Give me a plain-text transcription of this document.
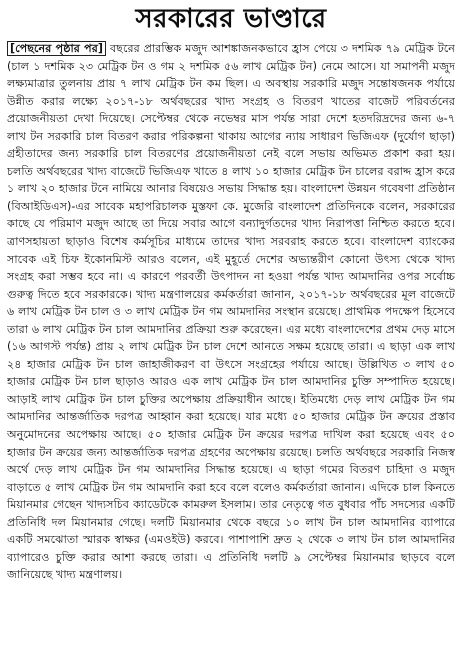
সরকারের ভাণ্ডারে
[পেছনের পৃষ্ঠার পর] বছরের প্রারম্ভিক মজুদ আশঙ্কাজনকভাবে হ্রাস পেয়ে ৩ দশমিক ৭৯ মেট্রিক টনে (চাল ১ দশমিক ২৩ মেট্রিক টন ও গম ২ দশমিক ৫৬ লাখ মেট্রিক টন) নেমে আসে। যা সমাপনী মজুদ লক্ষ্যমাত্রার তুলনায় প্রায় ৭ লাখ মেট্রিক টন কম ছিল। এ অবস্থায় সরকারি মজুদ সন্তোষজনক পর্যায়ে উন্নীত করার লক্ষ্যে ২০১৭-১৮ অর্থবছরের খাদ্য সংগ্রহ ও বিতরণ খাতের বাজেট পরিবর্তনের প্রয়োজনীয়তা দেখা দিয়েছে। সেপ্টেম্বর থেকে নভেম্বর মাস পর্যন্ত সারা দেশে হতদরিদ্রদের জন্য ৬-৭ লাখ টন সরকারি চাল বিতরণ করার পরিকল্পনা থাকায় আগের ন্যায় সাধারণ ভিজিএফ (দুর্যোগ ছাড়া) গ্রহীতাদের জন্য সরকারি চাল বিতরণের প্রয়োজনীয়তা নেই বলে সভায় অভিমত প্রকাশ করা হয়। চলতি অর্থবছরের খাদ্য বাজেটে ভিজিএফ খাতে ৪ লাখ ১০ হাজার মেট্রিক টন চালের বরাদ্দ হ্রাস করে ১ লাখ ২০ হাজার টনে নামিয়ে আনার বিষয়েও সভায় সিদ্ধান্ত হয়। বাংলাদেশ উন্নয়ন গবেষণা প্রতিষ্ঠান (বিআইডিএস)-এর সাবেক মহাপরিচালক মুস্তফা কে. মুজেরি বাংলাদেশ প্রতিদিনকে বলেন, সরকারের কাছে যে পরিমাণ মজুদ আছে তা দিয়ে সবার আগে বন্যাদুর্গতদের খাদ্য নিরাপত্তা নিশ্চিত করতে হবে। ত্রাণসহায়তা ছাড়াও বিশেষ কর্মসূচির মাধ্যমে তাদের খাদ্য সরবরাহ করতে হবে। বাংলাদেশ ব্যাংকের সাবেক এই চিফ ইকোনমিস্ট আরও বলেন, এই মুহূর্তে দেশের অভ্যন্তরীণ কোনো উৎস্য থেকে খাদ্য সংগ্রহ করা সম্ভব হবে না। এ কারণে পরবর্তী উৎপাদন না হওয়া পর্যন্ত খাদ্য আমদানির ওপর সর্বোচ্চ গুরুত্ব দিতে হবে সরকারকে। খাদ্য মন্ত্রণালয়ের কর্মকর্তারা জানান, ২০১৭-১৮ অর্থবছরের মূল বাজেটে ৬ লাখ মেট্রিক টন চাল ও ৩ লাখ মেট্রিক টন গম আমদানির সংস্থান রয়েছে। প্রাথমিক পদক্ষেপ হিসেবে তারা ৬ লাখ মেট্রিক টন চাল আমদানির প্রক্রিয়া শুরু করেছেন। এর মধ্যে বাংলাদেশের প্রথম দেড় মাসে (১৬ আগস্ট পর্যন্ত) প্রায় ২ লাখ মেট্রিক টন চাল দেশে আনতে সক্ষম হয়েছে তারা। এ ছাড়া এক লাখ ২৪ হাজার মেট্রিক টন চাল জাহাজীকরণ বা উৎসে সংগ্রহের পর্যায়ে আছে। উল্লিখিত ৩ লাখ ৫০ হাজার মেট্রিক টন চাল ছাড়াও আরও এক লাখ মেট্রিক টন চাল আমদানির চুক্তি সম্পাদিত হয়েছে। আড়াই লাখ মেট্রিক টন চাল চুক্তির অপেক্ষায় প্রক্রিয়াধীন আছে। ইতিমধ্যে দেড় লাখ মেট্রিক টন গম আমদানির আন্তর্জাতিক দরপত্র আহ্বান করা হয়েছে। যার মধ্যে ৫০ হাজার মেট্রিক টন ক্রয়ের প্রস্তাব অনুমোদনের অপেক্ষায় আছে। ৫০ হাজার মেট্রিক টন ক্রয়ের দরপত্র দাখিল করা হয়েছে এবং ৫০ হাজার টন ক্রয়ের জন্য আন্তর্জাতিক দরপত্র গ্রহণের অপেক্ষায় রয়েছে। চলতি অর্থবছরে সরকারি নিজস্ব অর্থে দেড় লাখ মেট্রিক টন গম আমদানির সিদ্ধান্ত হয়েছে। এ ছাড়া গমের বিতরণ চাহিদা ও মজুদ বাড়াতে ৫ লাখ মেট্রিক টন গম আমদানি করা হবে বলে বলেও কর্মকর্তারা জানান। এদিকে চাল কিনতে মিয়ানমার গেছেন খাদ্যসচিব ক্যাডেটকে কামরুল ইসলাম। তার নেতৃত্বে গত বুধবার পাঁচ সদস্যের একটি প্রতিনিধি দল মিয়ানমার গেছে। দলটি মিয়ানমার থেকে বছরে ১০ লাখ টন চাল আমদানির ব্যাপারে একটি সমঝোতা স্মারক স্বাক্ষর (এমওইউ) করবে। পাশাপাশি দ্রুত ২ থেকে ৩ লাখ টন চাল আমদানির ব্যাপারেও চুক্তি করার আশা করছে তারা। এ প্রতিনিধি দলটি ৯ সেপ্টেম্বর মিয়ানমার ছাড়বে বলে জানিয়েছে খাদ্য মন্ত্রণালয়।
